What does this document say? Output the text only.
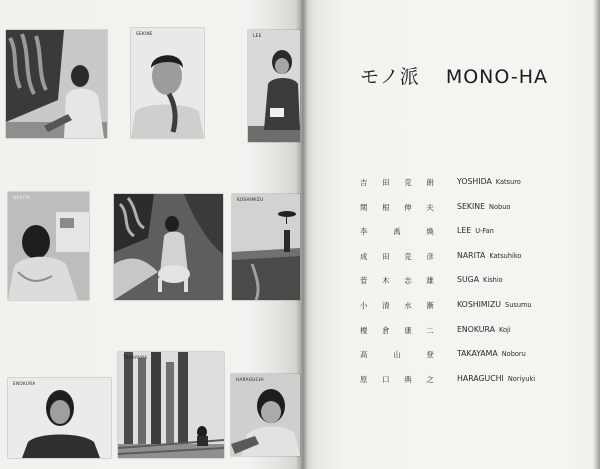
SEKINE	LEE
NARITA	KOSHIMIZU
ENOKURA
TAKAYAMA
HARAGUCHI
モノ派 MONO-HA
吉田克朗	YOSHIDA Katsuro
関根伸夫	SEKINE Nobuo
李禹煥	LEE U-Fan
成田克彦	NARITA Katsuhiko
菅木志雄	SUGA Kishio
小清水漸	KOSHIMIZU Susumu
榎倉康二	ENOKURA Koji
高山登	TAKAYAMA Noboru
原口典之	HARAGUCHI Noriyuki
